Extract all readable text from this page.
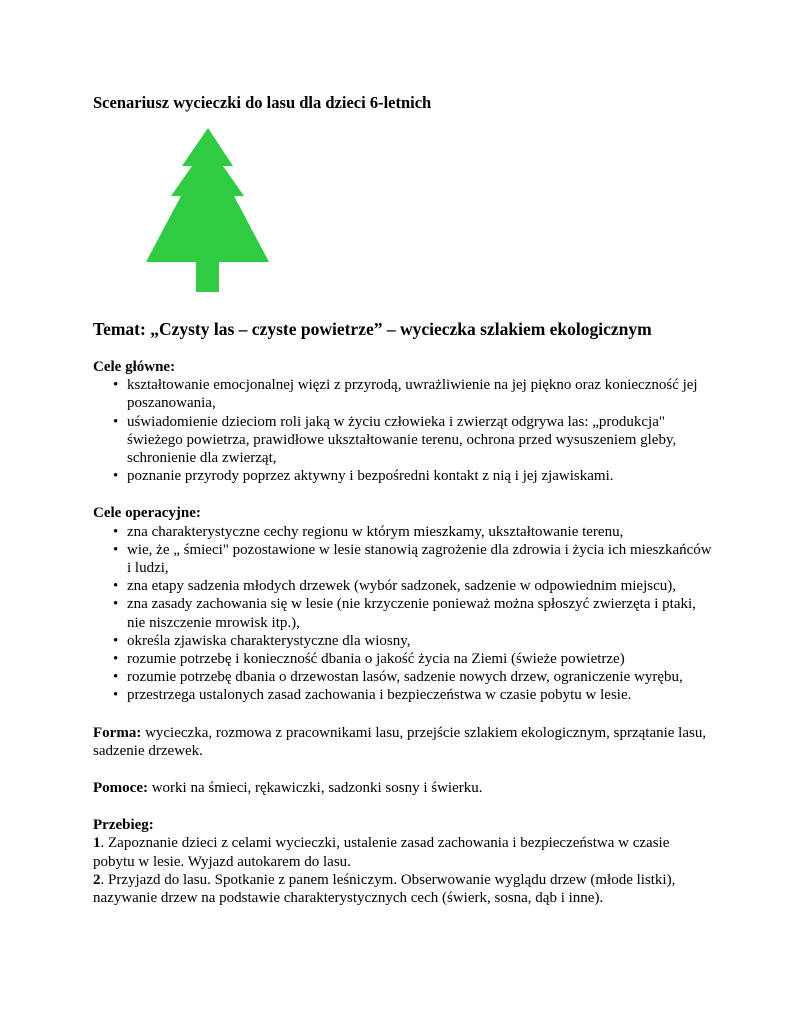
Scenariusz wycieczki do lasu dla dzieci 6-letnich
Temat: „Czysty las – czyste powietrze” – wycieczka szlakiem ekologicznym

Cele główne:

• kształtowanie emocjonalnej więzi z przyrodą, uwrażliwienie na jej piękno oraz konieczność jej poszanowania,
• uświadomienie dzieciom roli jaką w życiu człowieka i zwierząt odgrywa las: „produkcja" świeżego powietrza, prawidłowe ukształtowanie terenu, ochrona przed wysuszeniem gleby, schronienie dla zwierząt,
• poznanie przyrody poprzez aktywny i bezpośredni kontakt z nią i jej zjawiskami.

Cele operacyjne:

• zna charakterystyczne cechy regionu w którym mieszkamy, ukształtowanie terenu,
• wie, że „ śmieci" pozostawione w lesie stanowią zagrożenie dla zdrowia i życia ich mieszkańców i ludzi,
• zna etapy sadzenia młodych drzewek (wybór sadzonek, sadzenie w odpowiednim miejscu),
• zna zasady zachowania się w lesie (nie krzyczenie ponieważ można spłoszyć zwierzęta i ptaki, nie niszczenie mrowisk itp.),
• określa zjawiska charakterystyczne dla wiosny,
• rozumie potrzebę i konieczność dbania o jakość życia na Ziemi (świeże powietrze)
• rozumie potrzebę dbania o drzewostan lasów, sadzenie nowych drzew, ograniczenie wyrębu,
• przestrzega ustalonych zasad zachowania i bezpieczeństwa w czasie pobytu w lesie.

Forma: wycieczka, rozmowa z pracownikami lasu, przejście szlakiem ekologicznym, sprzątanie lasu, sadzenie drzewek.

Pomoce: worki na śmieci, rękawiczki, sadzonki sosny i świerku.

Przebieg:

1. Zapoznanie dzieci z celami wycieczki, ustalenie zasad zachowania i bezpieczeństwa w czasie pobytu w lesie. Wyjazd autokarem do lasu.

2. Przyjazd do lasu. Spotkanie z panem leśniczym. Obserwowanie wyglądu drzew (młode listki), nazywanie drzew na podstawie charakterystycznych cech (świerk, sosna, dąb i inne).
